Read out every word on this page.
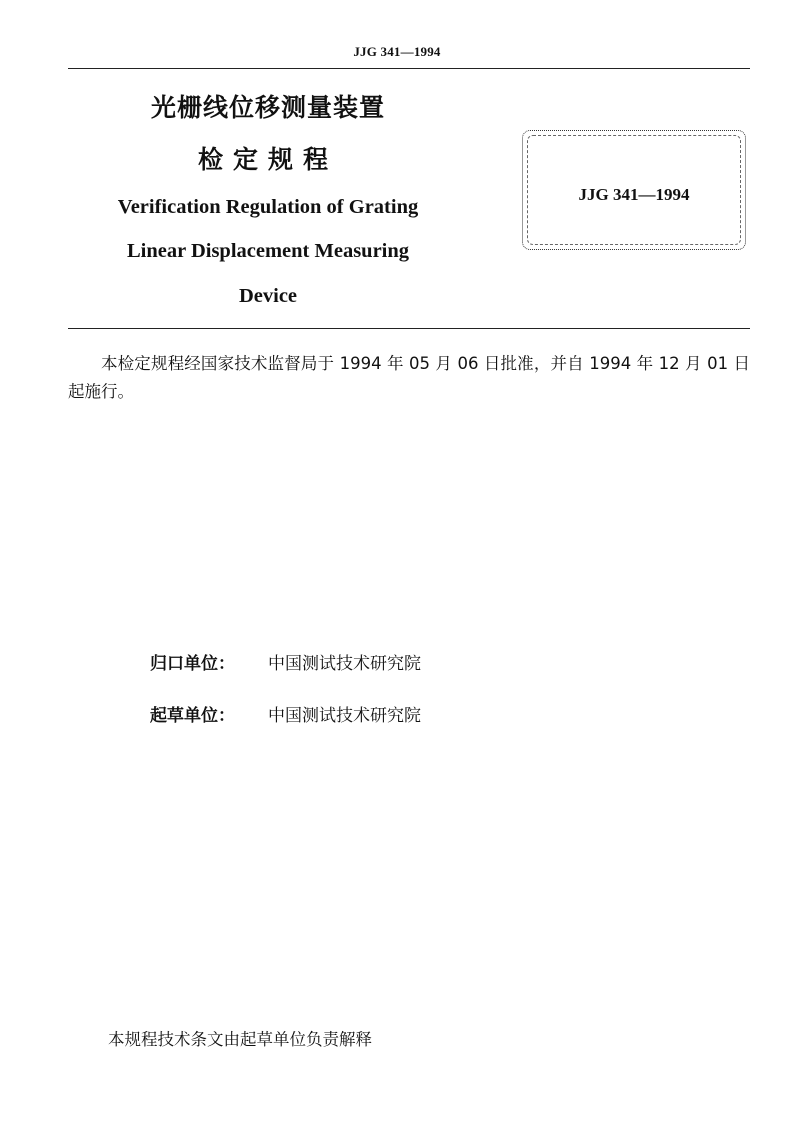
JJG 341—1994
光栅线位移测量装置
检定规程
Verification Regulation of Grating
Linear Displacement Measuring
Device
JJG 341—1994
本检定规程经国家技术监督局于 1994 年 05 月 06 日批准，并自 1994 年 12 月 01 日起施行。
归口单位： 中国测试技术研究院
起草单位： 中国测试技术研究院
本规程技术条文由起草单位负责解释
